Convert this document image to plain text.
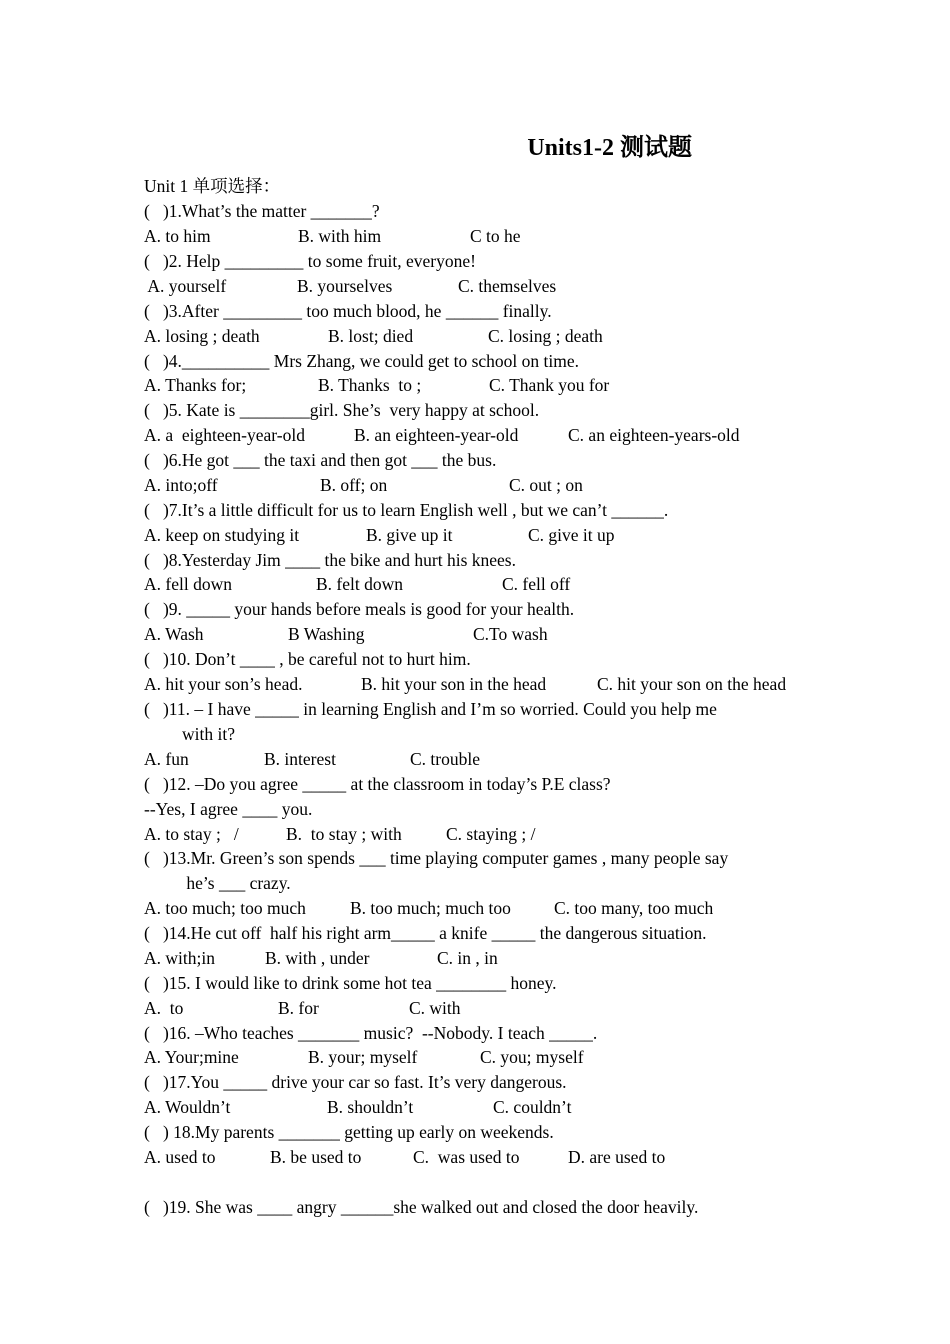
Units1-2 测试题
Unit 1 单项选择：
(   )1.What’s the matter _______?

A. to him

	B. with him

	C to he

(   )2. Help _________ to some fruit, everyone!

A. yourself

	B. yourselves

	C. themselves

(   )3.After _________ too much blood, he ______ finally.

A. losing ; death

	B. lost; died

	C. losing ; death

(   )4.__________ Mrs Zhang, we could get to school on time.

A. Thanks for;

	B. Thanks  to ;

	C. Thank you for

(   )5. Kate is ________girl. She’s  very happy at school.

A. a  eighteen-year-old

	B. an eighteen-year-old

	C. an eighteen-years-old

(   )6.He got ___ the taxi and then got ___ the bus.

A. into;off

	B. off; on

	C. out ; on

(   )7.It’s a little difficult for us to learn English well , but we can’t ______.

A. keep on studying it

	B. give up it

	C. give it up

(   )8.Yesterday Jim ____ the bike and hurt his knees.

A. fell down

	B. felt down

	C. fell off

(   )9. _____ your hands before meals is good for your health.

A. Wash

	B Washing

	C.To wash

(   )10. Don’t ____ , be careful not to hurt him.

A. hit your son’s head.

	B. hit your son in the head

	C. hit your son on the head

(   )11. – I have _____ in learning English and I’m so worried. Could you help me
with it?

A. fun

	B. interest

	C. trouble

(   )12. –Do you agree _____ at the classroom in today’s P.E class?
--Yes, I agree ____ you.

A. to stay ;   /

	B.  to stay ; with

	C. staying ; /

(   )13.Mr. Green’s son spends ___ time playing computer games , many people say
he’s ___ crazy.

A. too much; too much

	B. too much; much too

C. too many, too much

(   )14.He cut off  half his right arm_____ a knife _____ the dangerous situation.

A. with;in

	B. with , under

	C. in , in

(   )15. I would like to drink some hot tea ________ honey.

A.  to

	B. for

	C. with

(   )16. –Who teaches _______ music?  --Nobody. I teach _____.

A. Your;mine

	B. your; myself

	C. you; myself

(   )17.You _____ drive your car so fast. It’s very dangerous.

A. Wouldn’t

	B. shouldn’t

	C. couldn’t

(   ) 18.My parents _______ getting up early on weekends.

A. used to

	B. be used to

	C.  was used to

	D. are used to

(   )19. She was ____ angry ______she walked out and closed the door heavily.
